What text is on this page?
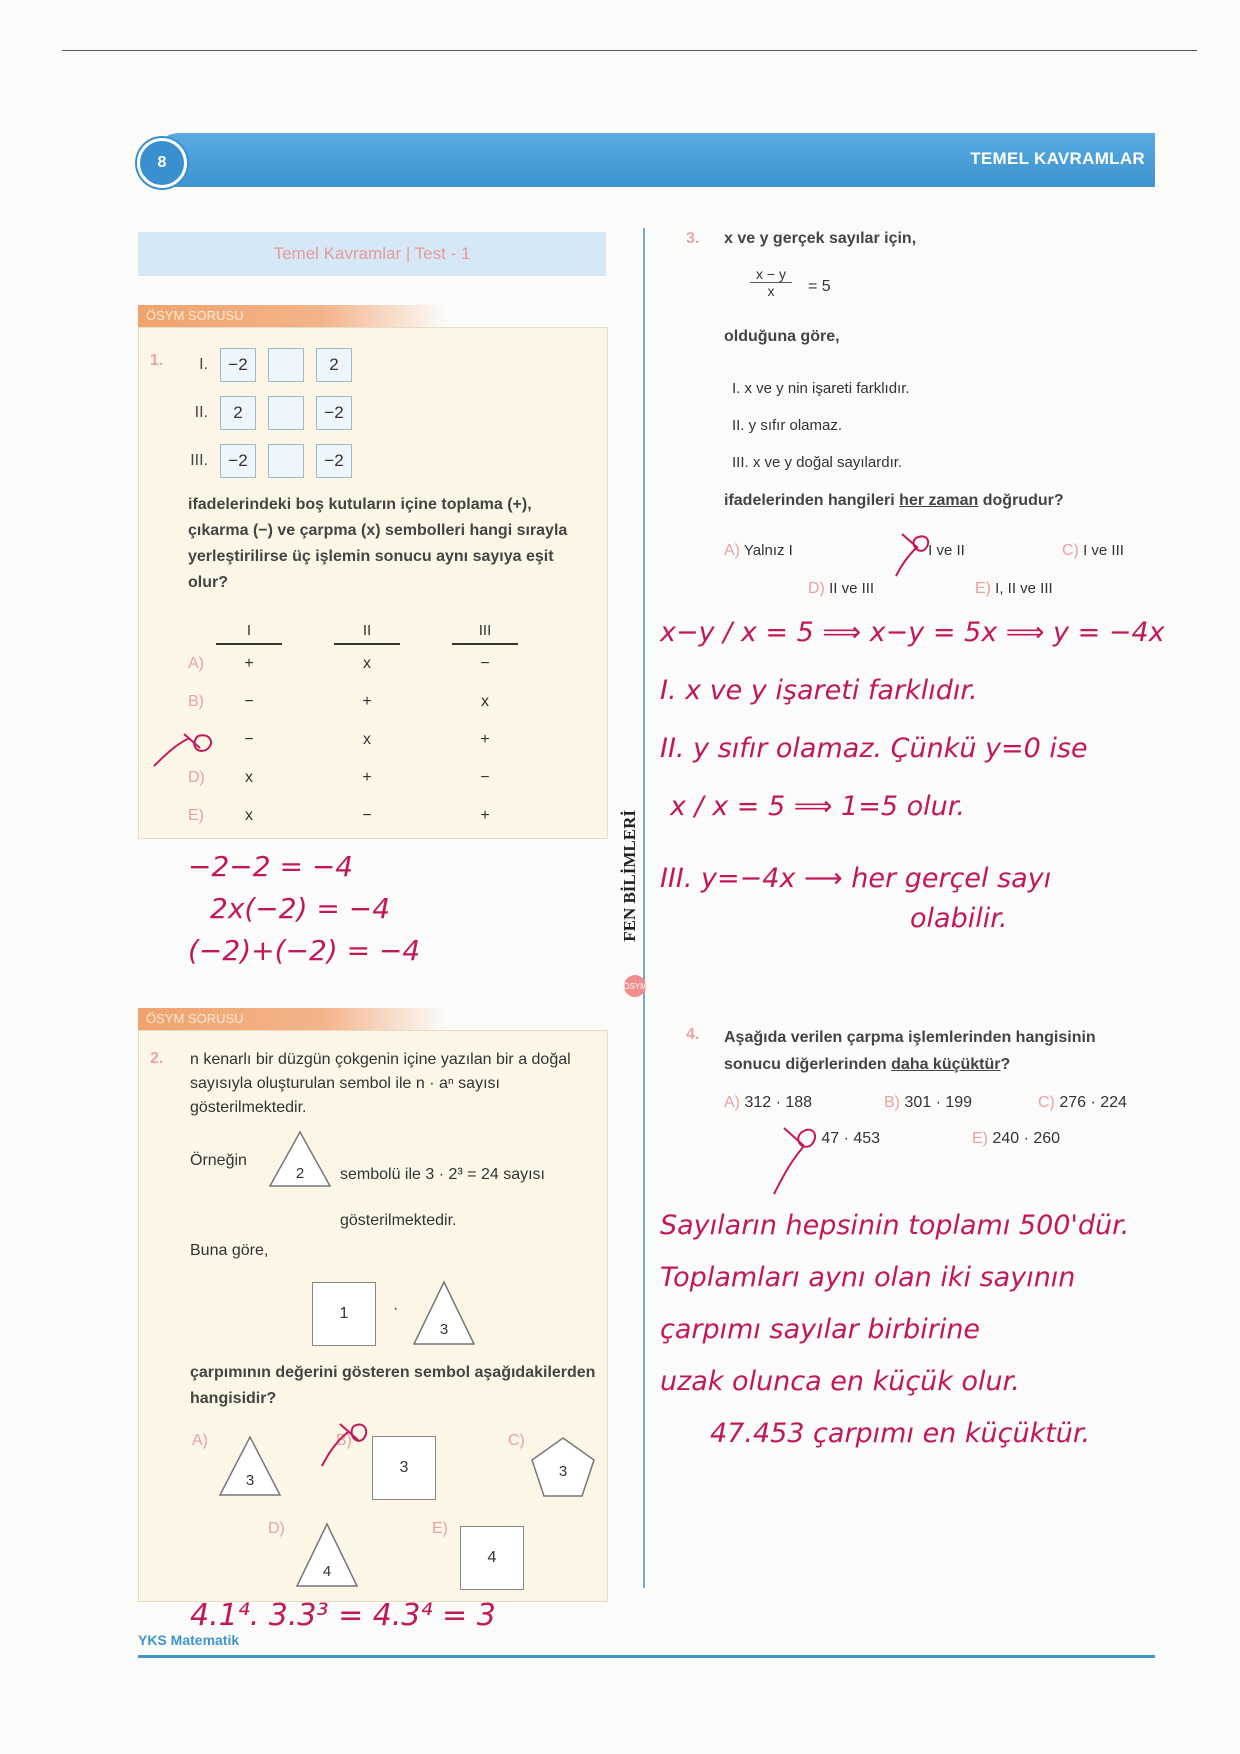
8	TEMEL KAVRAMLAR
Temel Kavramlar | Test - 1
FEN BİLİMLERİ
ÖSYM
ÖSYM SORUSU
1.	I.	−2	2
II.	2	−2
III.	−2	−2
ifadelerindeki boş kutuların içine toplama (+), çıkarma (−) ve çarpma (x) sembolleri hangi sırayla yerleştirilirse üç işlemin sonucu aynı sayıya eşit olur?
I	II	III
A)	+	x	−
B)	−	+	x
−	x	+
D)	x	+	−
E)	x	−	+
−2−2 = −4
2x(−2) = −4
(−2)+(−2) = −4
ÖSYM SORUSU
2. n kenarlı bir düzgün çokgenin içine yazılan bir a doğal sayısıyla oluşturulan sembol ile n · aⁿ sayısı gösterilmektedir.
Örneğin
2 sembolü ile 3 · 2³ = 24 sayısı gösterilmektedir.
Buna göre,
1	·
3
çarpımının değerini gösteren sembol aşağıdakilerden hangisidir?
A)
3
B)
3
C)
3
D)
4
E)
4
4.1⁴. 3.3³ = 4.3⁴ = 3
3. x ve y gerçek sayılar için,
$\frac{x - y}{x} = 5$
olduğuna göre,
I. x ve y nin işareti farklıdır.
II. y sıfır olamaz.
III. x ve y doğal sayılardır.
ifadelerinden hangileri her zaman doğrudur?
A) Yalnız I	I ve II	C) I ve III
D) II ve III	E) I, II ve III
x−y / x = 5 ⟹ x−y = 5x ⟹ y = −4x
I. x ve y işareti farklıdır.
II. y sıfır olamaz. Çünkü y=0 ise
x / x = 5 ⟹ 1=5 olur.
III. y=−4x ⟶ her gerçel sayı
olabilir.
4. Aşağıda verilen çarpma işlemlerinden hangisinin sonucu diğerlerinden daha küçüktür?
A) 312 · 188	B) 301 · 199	C) 276 · 224
47 · 453	E) 240 · 260
Sayıların hepsinin toplamı 500'dür.
Toplamları aynı olan iki sayının
çarpımı sayılar birbirine
uzak olunca en küçük olur.
47.453 çarpımı en küçüktür.
YKS Matematik
